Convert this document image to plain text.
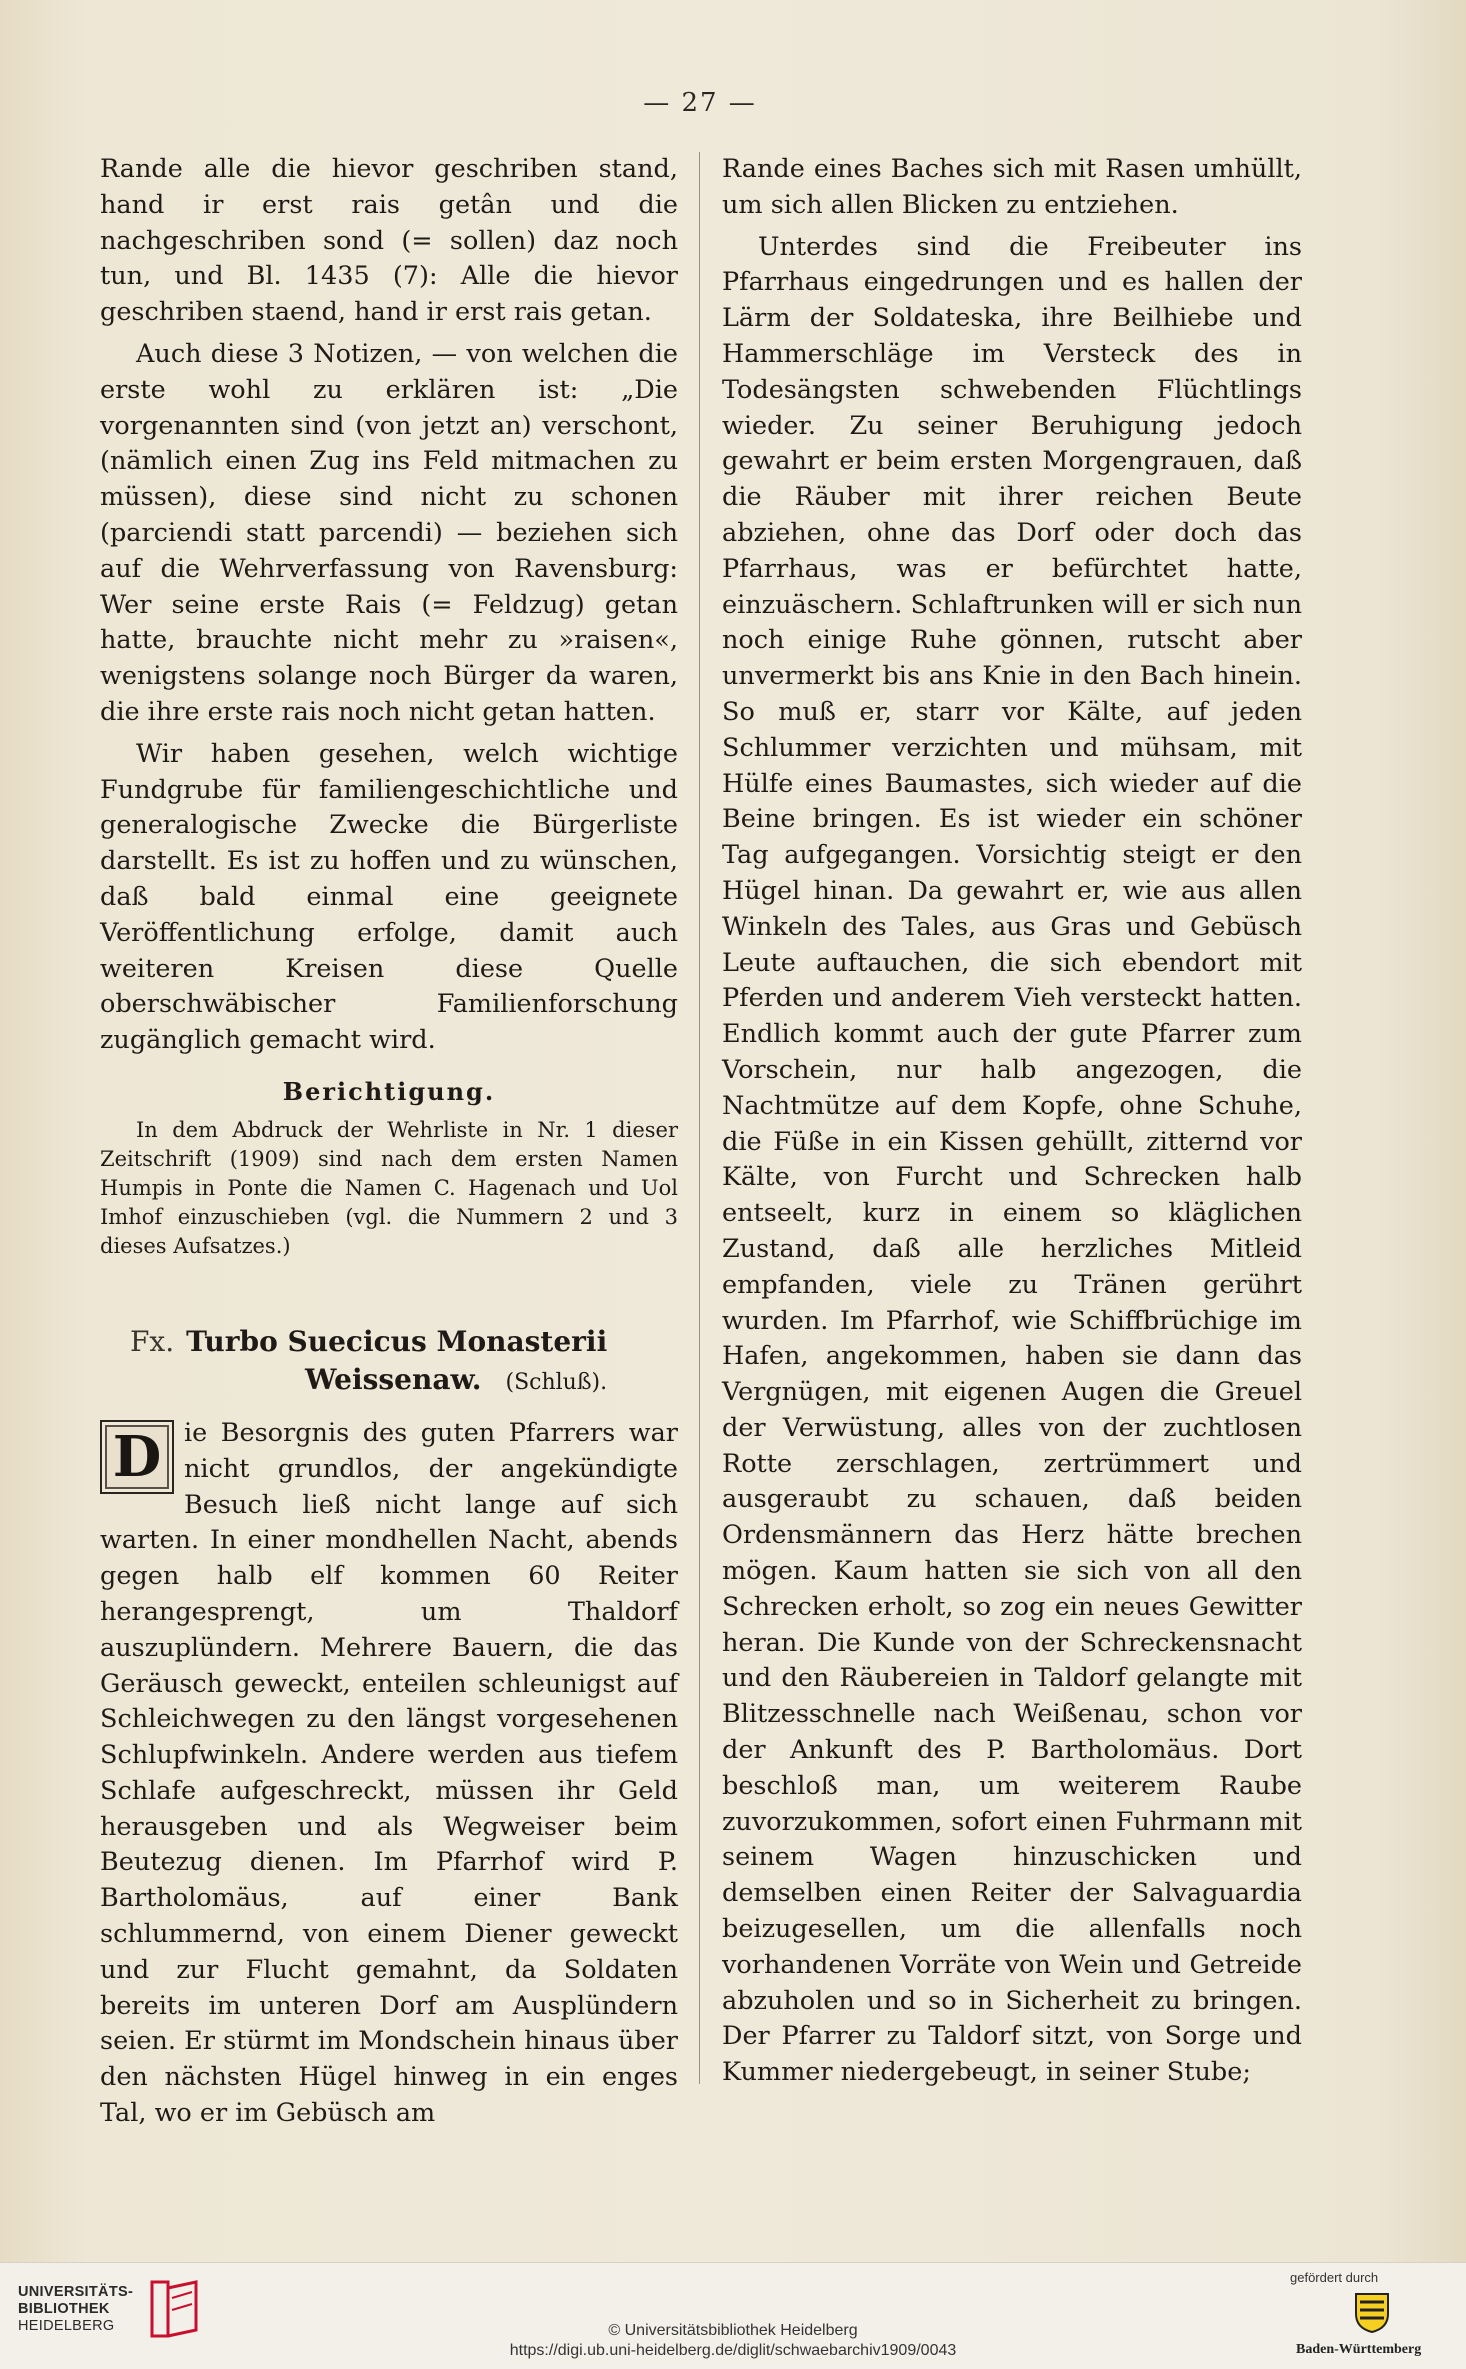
— 27 —

Rande alle die hievor geschriben stand, hand ir erst rais getân und die nachgeschriben sond (= sollen) daz noch tun, und Bl. 1435 (7): Alle die hievor geschriben staend, hand ir erst rais getan.

Auch diese 3 Notizen, — von welchen die erste wohl zu erklären ist: „Die vorgenannten sind (von jetzt an) verschont, (nämlich einen Zug ins Feld mitmachen zu müssen), diese sind nicht zu schonen (parciendi statt parcendi) — beziehen sich auf die Wehrverfassung von Ravensburg: Wer seine erste Rais (= Feldzug) getan hatte, brauchte nicht mehr zu »raisen«, wenigstens solange noch Bürger da waren, die ihre erste rais noch nicht getan hatten.

Wir haben gesehen, welch wichtige Fundgrube für familiengeschichtliche und generalogische Zwecke die Bürgerliste darstellt. Es ist zu hoffen und zu wünschen, daß bald einmal eine geeignete Veröffentlichung erfolge, damit auch weiteren Kreisen diese Quelle oberschwäbischer Familienforschung zugänglich gemacht wird.

Berichtigung.

In dem Abdruck der Wehrliste in Nr. 1 dieser Zeitschrift (1909) sind nach dem ersten Namen Humpis in Ponte die Namen C. Hagenach und Uol Imhof einzuschieben (vgl. die Nummern 2 und 3 dieses Aufsatzes.)

Fx. Turbo Suecicus Monasterii
Weissenaw. (Schluß).
D ie Besorgnis des guten Pfarrers war nicht grundlos, der angekündigte Besuch ließ nicht lange auf sich warten. In einer mondhellen Nacht, abends gegen halb elf kommen 60 Reiter herangesprengt, um Thaldorf auszuplündern. Mehrere Bauern, die das Geräusch geweckt, enteilen schleunigst auf Schleichwegen zu den längst vorgesehenen Schlupfwinkeln. Andere werden aus tiefem Schlafe aufgeschreckt, müssen ihr Geld herausgeben und als Wegweiser beim Beutezug dienen. Im Pfarrhof wird P. Bartholomäus, auf einer Bank schlummernd, von einem Diener geweckt und zur Flucht gemahnt, da Soldaten bereits im unteren Dorf am Ausplündern seien. Er stürmt im Mondschein hinaus über den nächsten Hügel hinweg in ein enges Tal, wo er im Gebüsch am

Rande eines Baches sich mit Rasen umhüllt, um sich allen Blicken zu entziehen.

Unterdes sind die Freibeuter ins Pfarrhaus eingedrungen und es hallen der Lärm der Soldateska, ihre Beilhiebe und Hammerschläge im Versteck des in Todesängsten schwebenden Flüchtlings wieder. Zu seiner Beruhigung jedoch gewahrt er beim ersten Morgengrauen, daß die Räuber mit ihrer reichen Beute abziehen, ohne das Dorf oder doch das Pfarrhaus, was er befürchtet hatte, einzuäschern. Schlaftrunken will er sich nun noch einige Ruhe gönnen, rutscht aber unvermerkt bis ans Knie in den Bach hinein. So muß er, starr vor Kälte, auf jeden Schlummer verzichten und mühsam, mit Hülfe eines Baumastes, sich wieder auf die Beine bringen. Es ist wieder ein schöner Tag aufgegangen. Vorsichtig steigt er den Hügel hinan. Da gewahrt er, wie aus allen Winkeln des Tales, aus Gras und Gebüsch Leute auftauchen, die sich ebendort mit Pferden und anderem Vieh versteckt hatten. Endlich kommt auch der gute Pfarrer zum Vorschein, nur halb angezogen, die Nachtmütze auf dem Kopfe, ohne Schuhe, die Füße in ein Kissen gehüllt, zitternd vor Kälte, von Furcht und Schrecken halb entseelt, kurz in einem so kläglichen Zustand, daß alle herzliches Mitleid empfanden, viele zu Tränen gerührt wurden. Im Pfarrhof, wie Schiffbrüchige im Hafen, angekommen, haben sie dann das Vergnügen, mit eigenen Augen die Greuel der Verwüstung, alles von der zuchtlosen Rotte zerschlagen, zertrümmert und ausgeraubt zu schauen, daß beiden Ordensmännern das Herz hätte brechen mögen. Kaum hatten sie sich von all den Schrecken erholt, so zog ein neues Gewitter heran. Die Kunde von der Schreckensnacht und den Räubereien in Taldorf gelangte mit Blitzesschnelle nach Weißenau, schon vor der Ankunft des P. Bartholomäus. Dort beschloß man, um weiterem Raube zuvorzukommen, sofort einen Fuhrmann mit seinem Wagen hinzuschicken und demselben einen Reiter der Salvaguardia beizugesellen, um die allenfalls noch vorhandenen Vorräte von Wein und Getreide abzuholen und so in Sicherheit zu bringen. Der Pfarrer zu Taldorf sitzt, von Sorge und Kummer niedergebeugt, in seiner Stube;

UNIVERSITÄTS-
BIBLIOTHEK
HEIDELBERG	© Universitätsbibliothek Heidelberg
https://digi.ub.uni-heidelberg.de/diglit/schwaebarchiv1909/0043
gefördert durch
Baden-Württemberg
